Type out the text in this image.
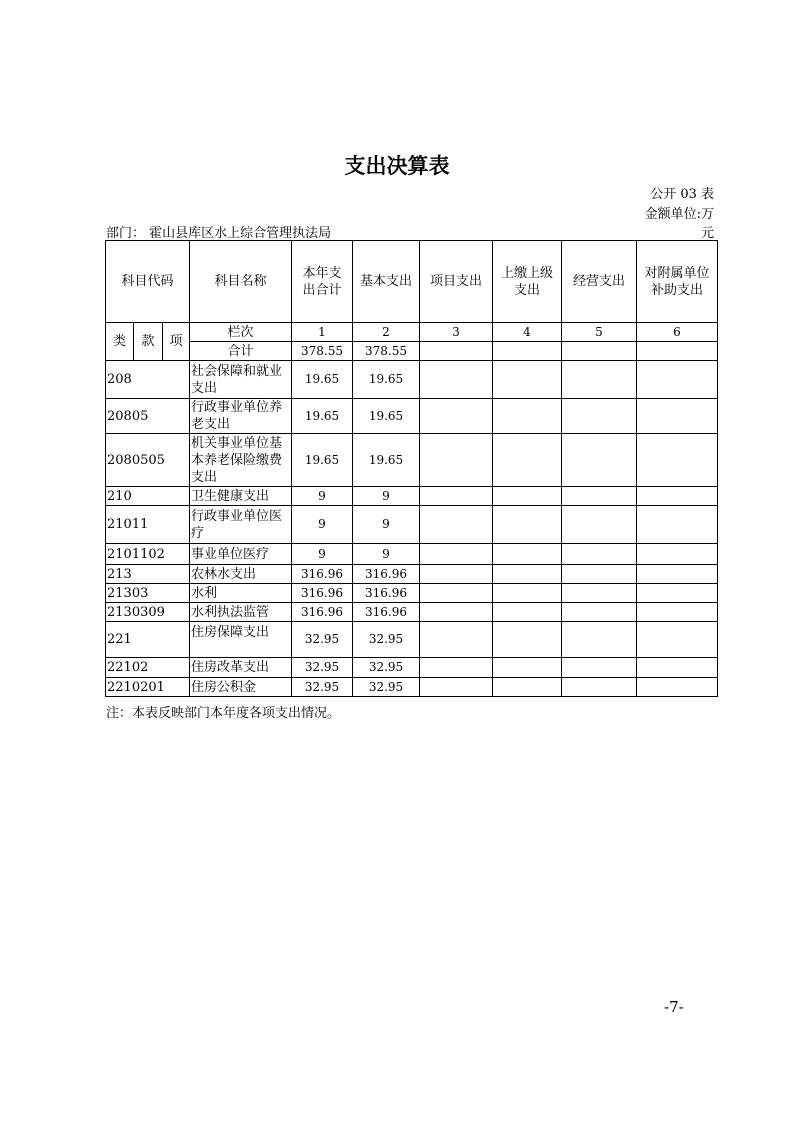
支出决算表
公开 03 表
金额单位:万
元
部门： 霍山县库区水上综合管理执法局
科目代码			科目名称	本年支出合计	基本支出	项目支出	上缴上级支出	经营支出	对附属单位补助支出
类	款	项	栏次	1	2	3	4	5	6
			合计	378.55	378.55				
208			社会保障和就业支出	19.65	19.65				
20805			行政事业单位养老支出	19.65	19.65				
2080505			机关事业单位基本养老保险缴费支出	19.65	19.65				
210			卫生健康支出	9	9				
21011			行政事业单位医疗	9	9				
2101102			事业单位医疗	9	9				
213			农林水支出	316.96	316.96				
21303			水利	316.96	316.96				
2130309			水利执法监管	316.96	316.96				
221			住房保障支出	32.95	32.95				
22102			住房改革支出	32.95	32.95				
2210201			住房公积金	32.95	32.95				
注：本表反映部门本年度各项支出情况。
-7-
